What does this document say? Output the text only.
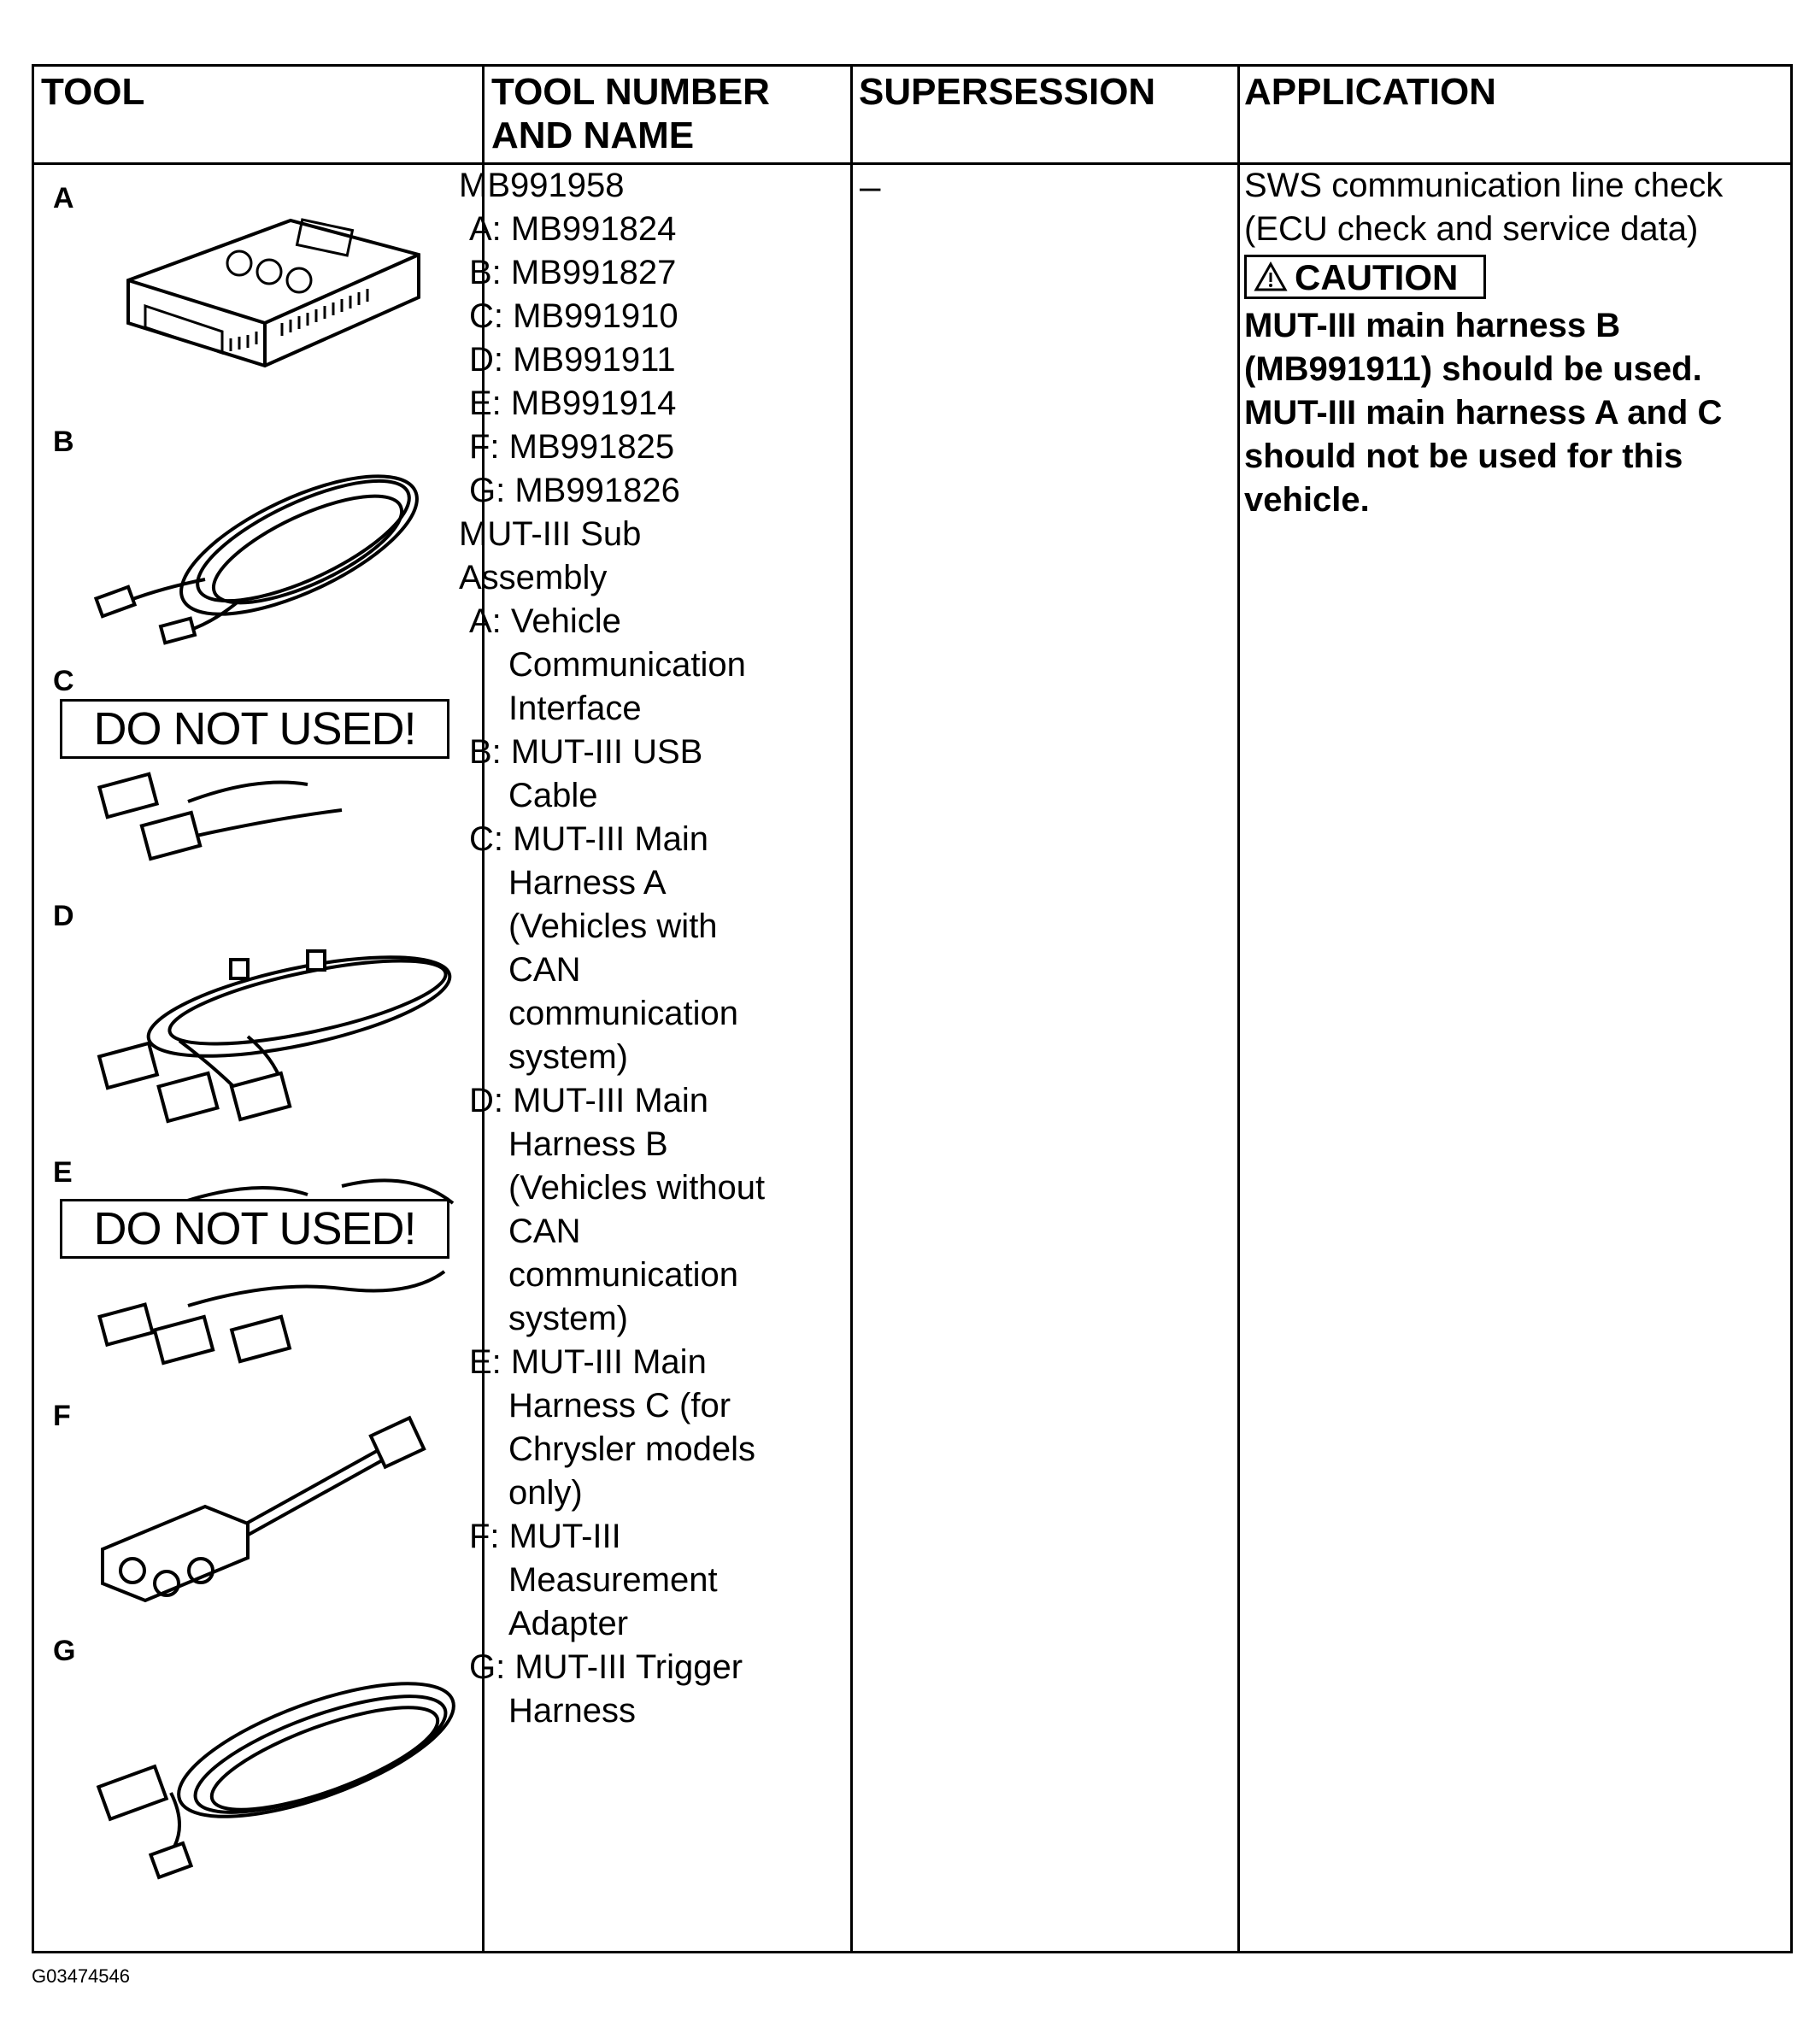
TOOL	TOOL NUMBER
AND NAME
SUPERSESSION APPLICATION
A
B
C
DO NOT USED!
D
E
DO NOT USED!
F
G
MB991958
A: MB991824
B: MB991827
C: MB991910
D: MB991911
E: MB991914
F: MB991825
G: MB991826
MUT-III Sub
Assembly
A: Vehicle
Communication
Interface
B: MUT-III USB
Cable
C: MUT-III Main
Harness A
(Vehicles with
CAN
communication
system)
D: MUT-III Main
Harness B
(Vehicles without
CAN
communication
system)
E: MUT-III Main
Harness C (for
Chrysler models
only)
F: MUT-III
Measurement
Adapter
G: MUT-III Trigger
Harness
–	SWS communication line check
(ECU check and service data)
CAUTION
MUT-III main harness B
(MB991911) should be used.
MUT-III main harness A and C
should not be used for this
vehicle.
G03474546
